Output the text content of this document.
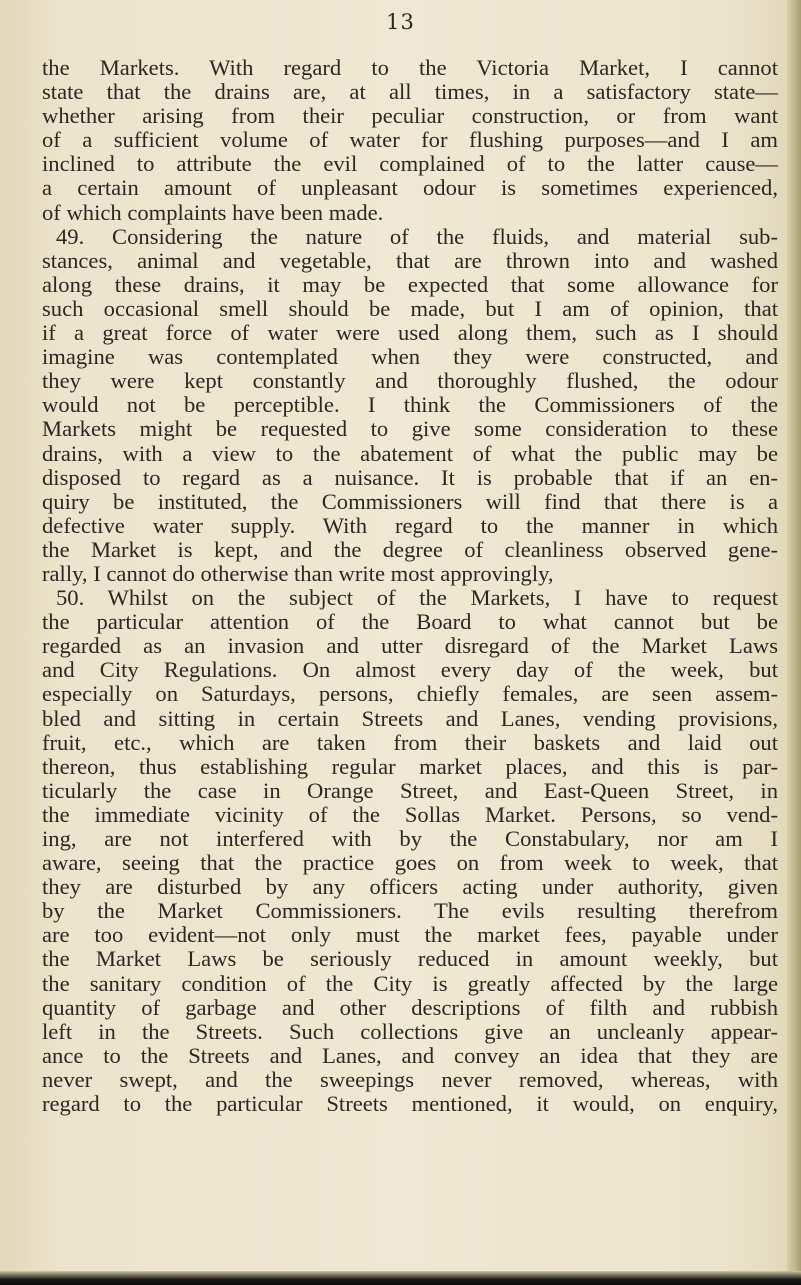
13
the Markets. With regard to the Victoria Market, I cannot
state that the drains are, at all times, in a satisfactory state—
whether arising from their peculiar construction, or from want
of a sufficient volume of water for flushing purposes—and I am
inclined to attribute the evil complained of to the latter cause—
a certain amount of unpleasant odour is sometimes experienced,
of which complaints have been made.
49. Considering the nature of the fluids, and material sub-
stances, animal and vegetable, that are thrown into and washed
along these drains, it may be expected that some allowance for
such occasional smell should be made, but I am of opinion, that
if a great force of water were used along them, such as I should
imagine was contemplated when they were constructed, and
they were kept constantly and thoroughly flushed, the odour
would not be perceptible. I think the Commissioners of the
Markets might be requested to give some consideration to these
drains, with a view to the abatement of what the public may be
disposed to regard as a nuisance. It is probable that if an en-
quiry be instituted, the Commissioners will find that there is a
defective water supply. With regard to the manner in which
the Market is kept, and the degree of cleanliness observed gene-
rally, I cannot do otherwise than write most approvingly,
50. Whilst on the subject of the Markets, I have to request
the particular attention of the Board to what cannot but be
regarded as an invasion and utter disregard of the Market Laws
and City Regulations. On almost every day of the week, but
especially on Saturdays, persons, chiefly females, are seen assem-
bled and sitting in certain Streets and Lanes, vending provisions,
fruit, etc., which are taken from their baskets and laid out
thereon, thus establishing regular market places, and this is par-
ticularly the case in Orange Street, and East-Queen Street, in
the immediate vicinity of the Sollas Market. Persons, so vend-
ing, are not interfered with by the Constabulary, nor am I
aware, seeing that the practice goes on from week to week, that
they are disturbed by any officers acting under authority, given
by the Market Commissioners. The evils resulting therefrom
are too evident—not only must the market fees, payable under
the Market Laws be seriously reduced in amount weekly, but
the sanitary condition of the City is greatly affected by the large
quantity of garbage and other descriptions of filth and rubbish
left in the Streets. Such collections give an uncleanly appear-
ance to the Streets and Lanes, and convey an idea that they are
never swept, and the sweepings never removed, whereas, with
regard to the particular Streets mentioned, it would, on enquiry,
